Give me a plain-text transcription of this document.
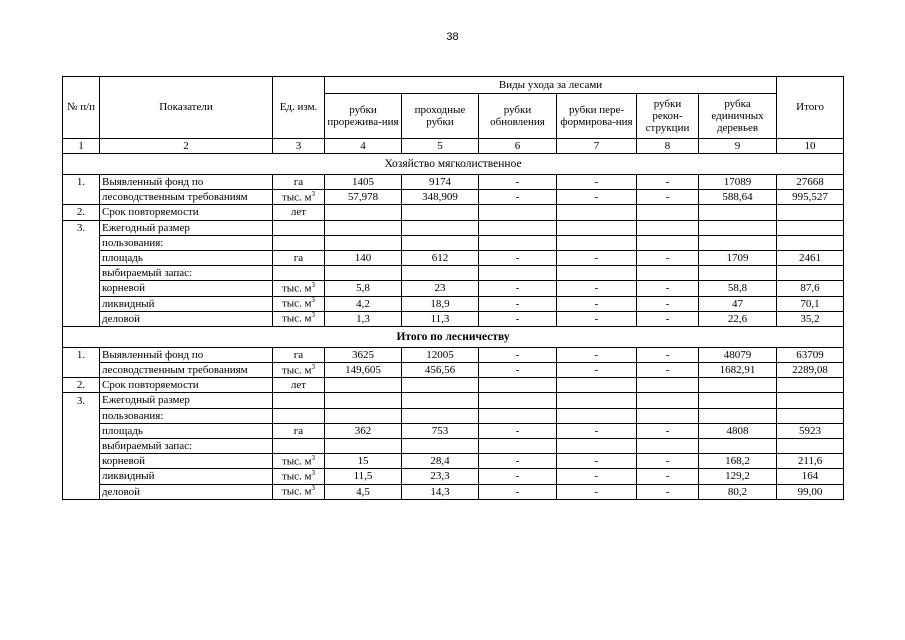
38
№ п/п	Показатели	Ед. изм.	Виды ухода за лесами						Итого
			рубки прорежива-ния	проходные рубки	рубки обновления	рубки пере-формирова-ния	рубки рекон-струкции	рубка единичных деревьев	
1	2	3	4	5	6	7	8	9	10
Хозяйство мягколиственное									
1.	Выявленный фонд по	га	1405	9174	-	-	-	17089	27668
	лесоводственным требованиям	тыс. $м^3$	57,978	348,909	-	-	-	588,64	995,527
2.	Срок повторяемости	лет							
3.	Ежегодный размер								
	пользования:								
	площадь	га	140	612	-	-	-	1709	2461
	выбираемый запас:								
	корневой	тыс. $м^3$	5,8	23	-	-	-	58,8	87,6
	ликвидный	тыс. $м^3$	4,2	18,9	-	-	-	47	70,1
	деловой	тыс. $м^3$	1,3	11,3	-	-	-	22,6	35,2
Итого по лесничеству									
1.	Выявленный фонд по	га	3625	12005	-	-	-	48079	63709
	лесоводственным требованиям	тыс. $м^3$	149,605	456,56	-	-	-	1682,91	2289,08
2.	Срок повторяемости	лет							
3.	Ежегодный размер								
	пользования:								
	площадь	га	362	753	-	-	-	4808	5923
	выбираемый запас:								
	корневой	тыс. $м^3$	15	28,4	-	-	-	168,2	211,6
	ликвидный	тыс. $м^3$	11,5	23,3	-	-	-	129,2	164
	деловой	тыс. $м^3$	4,5	14,3	-	-	-	80,2	99,00
